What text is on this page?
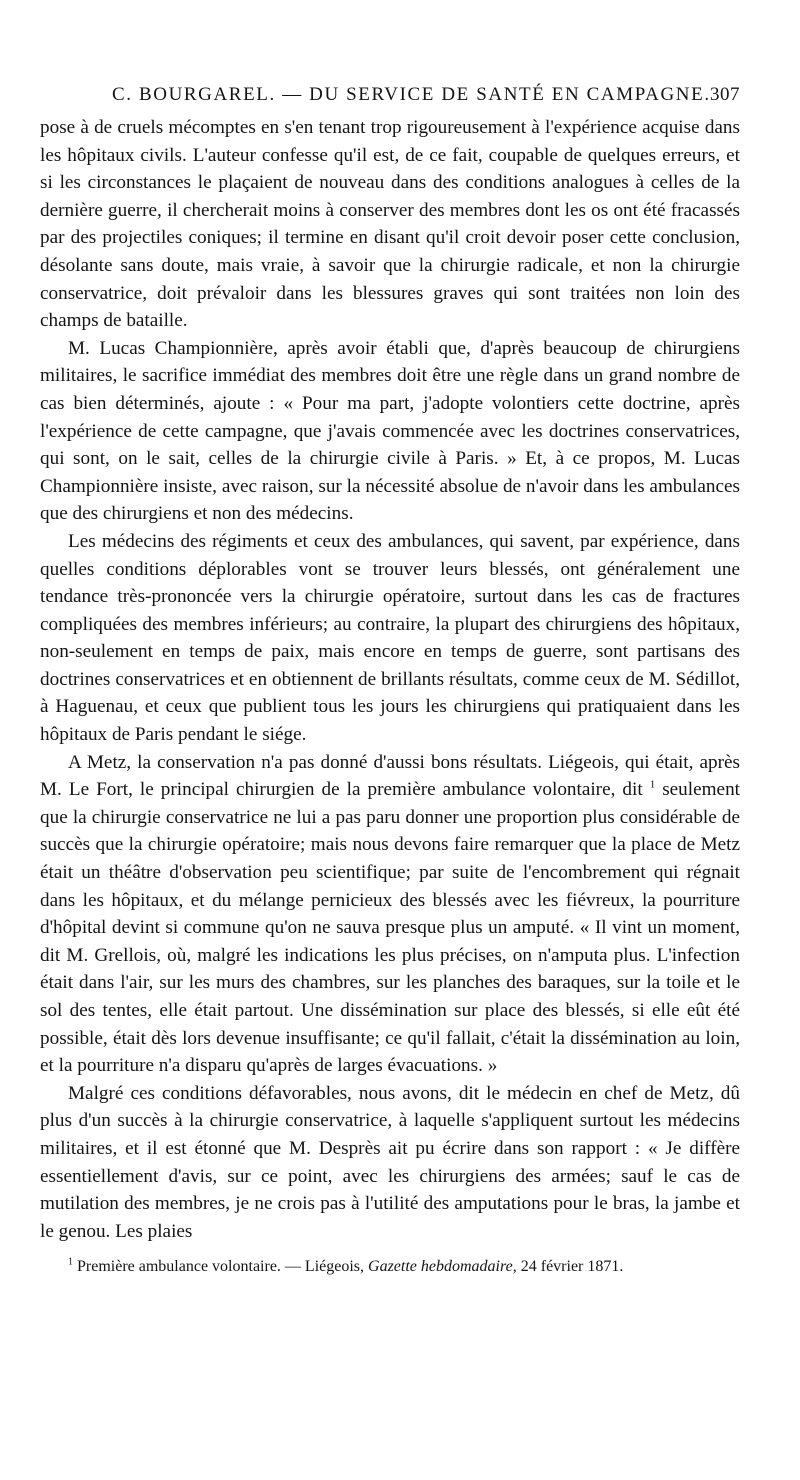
C. BOURGAREL. — DU SERVICE DE SANTÉ EN CAMPAGNE. 307

pose à de cruels mécomptes en s'en tenant trop rigoureusement à l'expérience acquise dans les hôpitaux civils. L'auteur confesse qu'il est, de ce fait, coupable de quelques erreurs, et si les circonstances le plaçaient de nouveau dans des conditions analogues à celles de la dernière guerre, il chercherait moins à conserver des membres dont les os ont été fracassés par des projectiles coniques; il termine en disant qu'il croit devoir poser cette conclusion, désolante sans doute, mais vraie, à savoir que la chirurgie radicale, et non la chirurgie conservatrice, doit prévaloir dans les blessures graves qui sont traitées non loin des champs de bataille.

M. Lucas Championnière, après avoir établi que, d'après beaucoup de chirurgiens militaires, le sacrifice immédiat des membres doit être une règle dans un grand nombre de cas bien déterminés, ajoute : « Pour ma part, j'adopte volontiers cette doctrine, après l'expérience de cette campagne, que j'avais commencée avec les doctrines conservatrices, qui sont, on le sait, celles de la chirurgie civile à Paris. » Et, à ce propos, M. Lucas Championnière insiste, avec raison, sur la nécessité absolue de n'avoir dans les ambulances que des chirurgiens et non des médecins.

Les médecins des régiments et ceux des ambulances, qui savent, par expérience, dans quelles conditions déplorables vont se trouver leurs blessés, ont généralement une tendance très-prononcée vers la chirurgie opératoire, surtout dans les cas de fractures compliquées des membres inférieurs; au contraire, la plupart des chirurgiens des hôpitaux, non-seulement en temps de paix, mais encore en temps de guerre, sont partisans des doctrines conservatrices et en obtiennent de brillants résultats, comme ceux de M. Sédillot, à Haguenau, et ceux que publient tous les jours les chirurgiens qui pratiquaient dans les hôpitaux de Paris pendant le siége.

A Metz, la conservation n'a pas donné d'aussi bons résultats. Liégeois, qui était, après M. Le Fort, le principal chirurgien de la première ambulance volontaire, dit $^1$ seulement que la chirurgie conservatrice ne lui a pas paru donner une proportion plus considérable de succès que la chirurgie opératoire; mais nous devons faire remarquer que la place de Metz était un théâtre d'observation peu scientifique; par suite de l'encombrement qui régnait dans les hôpitaux, et du mélange pernicieux des blessés avec les fiévreux, la pourriture d'hôpital devint si commune qu'on ne sauva presque plus un amputé. « Il vint un moment, dit M. Grellois, où, malgré les indications les plus précises, on n'amputa plus. L'infection était dans l'air, sur les murs des chambres, sur les planches des baraques, sur la toile et le sol des tentes, elle était partout. Une dissémination sur place des blessés, si elle eût été possible, était dès lors devenue insuffisante; ce qu'il fallait, c'était la dissémination au loin, et la pourriture n'a disparu qu'après de larges évacuations. »

Malgré ces conditions défavorables, nous avons, dit le médecin en chef de Metz, dû plus d'un succès à la chirurgie conservatrice, à laquelle s'appliquent surtout les médecins militaires, et il est étonné que M. Desprès ait pu écrire dans son rapport : « Je diffère essentiellement d'avis, sur ce point, avec les chirurgiens des armées; sauf le cas de mutilation des membres, je ne crois pas à l'utilité des amputations pour le bras, la jambe et le genou. Les plaies

$^1$ Première ambulance volontaire. — Liégeois, Gazette hebdomadaire, 24 février 1871.
